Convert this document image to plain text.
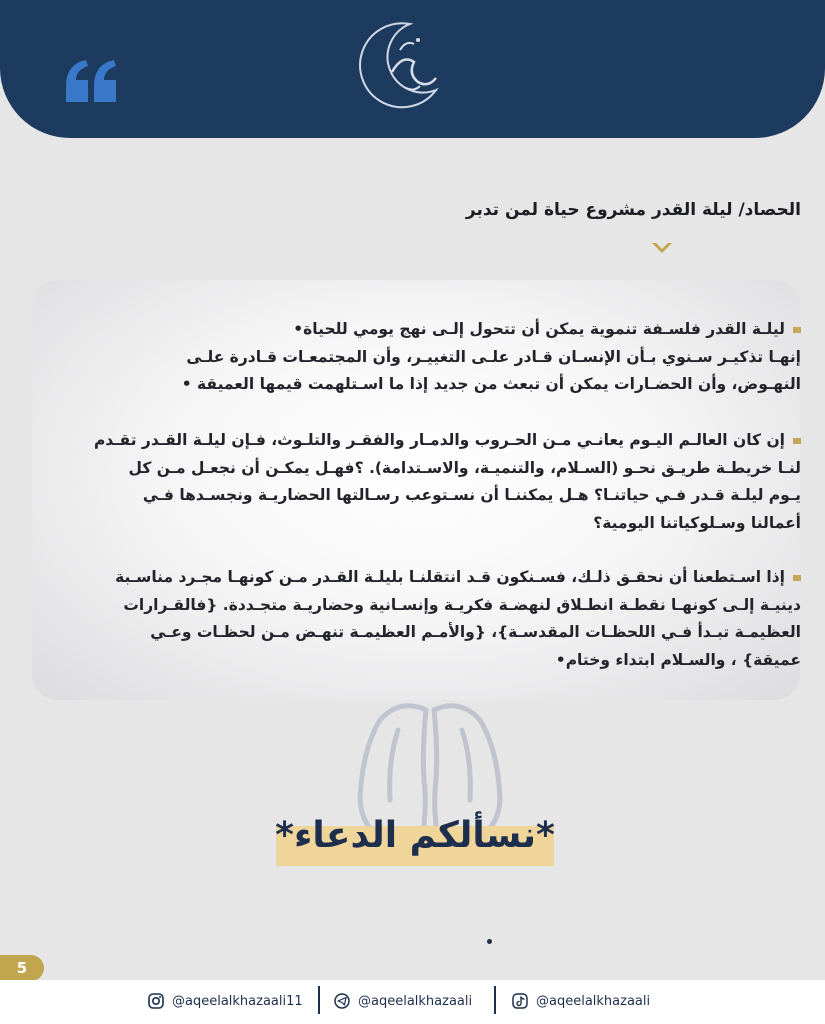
الحصاد/ ليلة القدر مشروع حياة لمن تدبر
ليلـة القدر فلسـفة تنموية يمكن أن تتحول إلـى نهج يومي للحياة•
إنهـا تذكيـر سـنوي بـأن الإنسـان قـادر علـى التغييـر، وأن المجتمعـات قـادرة علـى
النهـوض، وأن الحضـارات يمكن أن تبعث من جديد إذا ما اسـتلهمت قيمها العميقة •
إن كان العالـم اليـوم يعانـي مـن الحـروب والدمـار والفقـر والتلـوث، فـإن ليلـة القـدر تقـدم
لنـا خريطـة طريـق نحـو (السـلام، والتنميـة، والاسـتدامة). ؟فهـل يمكـن أن نجعـل مـن كل
يـوم ليلـة قـدر فـي حياتنـا؟ هـل يمكننـا أن نسـتوعب رسـالتها الحضاريـة ونجسـدها فـي
أعمالنا وسـلوكياتنا اليومية؟
إذا اسـتطعنا أن نحقـق ذلـك، فسـنكون قـد انتقلنـا بليلـة القـدر مـن كونهـا مجـرد مناسـبة
دينيـة إلـى كونهـا نقطـة انطـلاق لنهضـة فكريـة وإنسـانية وحضاريـة متجـددة. {فالقـرارات
العظيمـة تبـدأ فـي اللحظـات المقدسـة}، {والأمـم العظيمـة تنهـض مـن لحظـات وعـي
عميقة} ، والسـلام ابتداء وختام•
*نسألكم الدعاء*
5
@aqeelalkhazaali11	@aqeelalkhazaali	@aqeelalkhazaali
